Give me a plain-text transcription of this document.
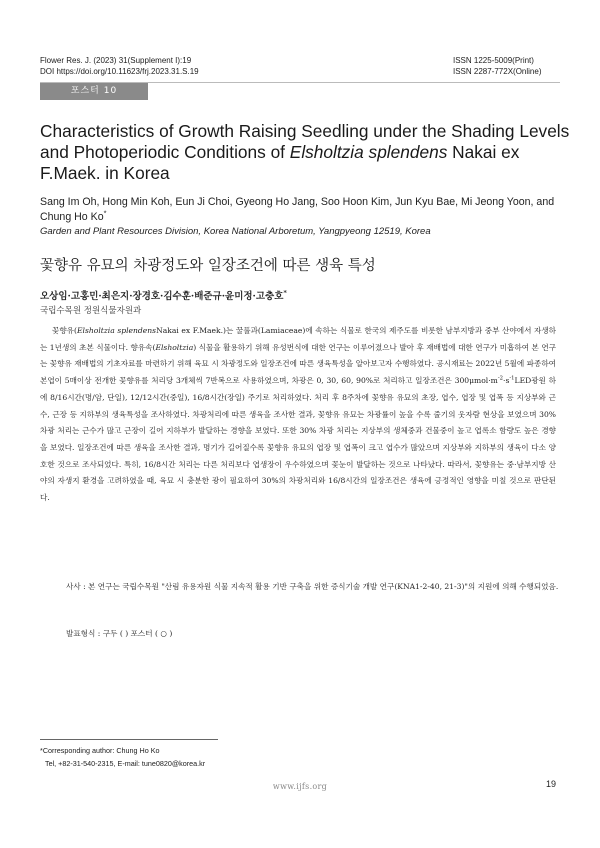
Flower Res. J. (2023) 31(Supplement I):19
DOI https://doi.org/10.11623/frj.2023.31.S.19
ISSN 1225-5009(Print)
ISSN 2287-772X(Online)
포스터 10
Characteristics of Growth Raising Seedling under the Shading Levels and Photoperiodic Conditions of Elsholtzia splendens Nakai ex F.Maek. in Korea
Sang Im Oh, Hong Min Koh, Eun Ji Choi, Gyeong Ho Jang, Soo Hoon Kim, Jun Kyu Bae, Mi Jeong Yoon, and Chung Ho Ko*
Garden and Plant Resources Division, Korea National Arboretum, Yangpyeong 12519, Korea
꽃향유 유묘의 차광정도와 일장조건에 따른 생육 특성
오상임·고홍민·최은지·장경호·김수훈·배준규·윤미정·고충호*
국립수목원 정원식물자원과

꽃향유(Elsholtzia splendensNakai ex F.Maek.)는 꿀풀과(Lamiaceae)에 속하는 식물로 한국의 제주도를 비롯한 남부지방과 중부 산야에서 자생하는 1년생의 초본 식물이다. 향유속(Elsholtzia) 식물을 활용하기 위해 유성번식에 대한 연구는 이루어졌으나 발아 후 재배법에 대한 연구가 미흡하여 본 연구는 꽃향유 재배법의 기초자료를 마련하기 위해 육묘 시 차광정도와 일장조건에 따른 생육특성을 알아보고자 수행하였다. 공시재료는 2022년 5월에 파종하여 본엽이 5매이상 전개한 꽃향유를 처리당 3개체씩 7반복으로 사용하였으며, 차광은 0, 30, 60, 90%로 처리하고 일장조건은 $300\mu mol\cdot m^{-2}\cdot s^{-1}LED$광원 하에 8/16시간(명/암, 단일), 12/12시간(중일), 16/8시간(장일) 주기로 처리하였다. 처리 후 8주차에 꽃향유 유묘의 초장, 엽수, 엽장 및 엽폭 등 지상부와 근수, 근장 등 지하부의 생육특성을 조사하였다. 차광처리에 따른 생육을 조사한 결과, 꽃향유 유묘는 차광률이 높을 수록 줄기의 웃자람 현상을 보였으며 30% 차광 처리는 근수가 많고 근장이 길어 지하부가 발달하는 경향을 보였다. 또한 30% 차광 처리는 지상부의 생체중과 건물중이 높고 엽록소 함량도 높은 경향을 보였다. 일장조건에 따른 생육을 조사한 결과, 명기가 길어질수록 꽃향유 유묘의 엽장 및 엽폭이 크고 엽수가 많았으며 지상부와 지하부의 생육이 다소 양호한 것으로 조사되었다. 특히, 16/8시간 처리는 다른 처리보다 엽생장이 우수하였으며 꽃눈이 발달하는 것으로 나타났다. 따라서, 꽃향유는 중·남부지방 산야의 자생지 환경을 고려하였을 때, 육묘 시 충분한 광이 필요하여 30%의 차광처리와 16/8시간의 일장조건은 생육에 긍정적인 영향을 미칠 것으로 판단된다.

사사 : 본 연구는 국립수목원 "산림 유용자원 식물 지속적 활용 기반 구축을 위한 증식기술 개발 연구(KNA1-2-40, 21-3)"의 지원에 의해 수행되었음.
발표형식 : 구두 ( ) 포스터 ( ○ )
*Corresponding author: Chung Ho Ko
Tel, +82-31-540-2315, E-mail: tune0820@korea.kr
www.ijfs.org	19
